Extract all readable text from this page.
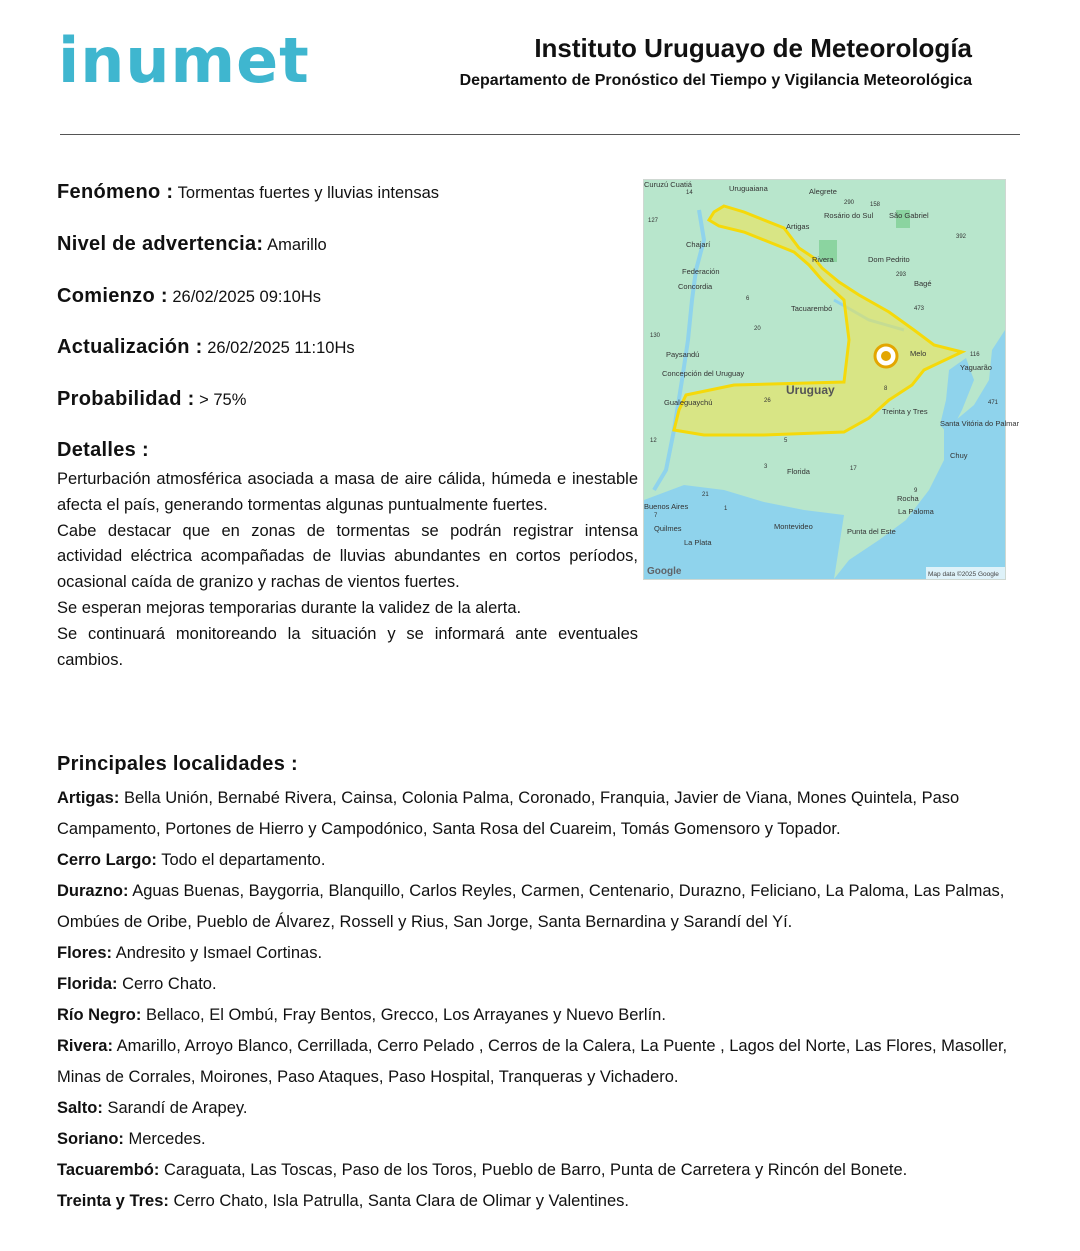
inumet	Instituto Uruguayo de Meteorología
Departamento de Pronóstico del Tiempo y Vigilancia Meteorológica
Fenómeno : Tormentas fuertes y lluvias intensas
Nivel de advertencia: Amarillo
Comienzo : 26/02/2025 09:10Hs
Actualización : 26/02/2025 11:10Hs
Probabilidad : > 75%
Detalles :

Perturbación atmosférica asociada a masa de aire cálida, húmeda e inestable afecta el país, generando tormentas algunas puntualmente fuertes.

Cabe destacar que en zonas de tormentas se podrán registrar intensa actividad eléctrica acompañadas de lluvias abundantes en cortos períodos, ocasional caída de granizo y rachas de vientos fuertes.

Se esperan mejoras temporarias durante la validez de la alerta.

Se continuará monitoreando la situación y se informará ante eventuales cambios.

Uruguay
Curuzú Cuatiá	Uruguaiana	Alegrete
Artigas
Rosário do Sul São Gabriel
Chajarí
Rivera	Dom Pedrito
Federación
Bagé
Concordia
Tacuarembó
Paysandú	Melo
Concepción del Uruguay
Yaguarão
Gualeguaychú
Treinta y Tres
Santa Vitória do Palmar
Chuy
Florida
Buenos Aires
Rocha
La Paloma
Quilmes	Montevideo
Punta del Este
La Plata
14
290
127
158
473
130
116
12
471
7
20
6
5
8
3
21
1
9
293
392
17
26
Google	Map data ©2025 Google
Principales localidades :

Artigas: Bella Unión, Bernabé Rivera, Cainsa, Colonia Palma, Coronado, Franquia, Javier de Viana, Mones Quintela, Paso Campamento, Portones de Hierro y Campodónico, Santa Rosa del Cuareim, Tomás Gomensoro y Topador.

Cerro Largo: Todo el departamento.

Durazno: Aguas Buenas, Baygorria, Blanquillo, Carlos Reyles, Carmen, Centenario, Durazno, Feliciano, La Paloma, Las Palmas, Ombúes de Oribe, Pueblo de Álvarez, Rossell y Rius, San Jorge, Santa Bernardina y Sarandí del Yí.

Flores: Andresito y Ismael Cortinas.

Florida: Cerro Chato.

Río Negro: Bellaco, El Ombú, Fray Bentos, Grecco, Los Arrayanes y Nuevo Berlín.

Rivera: Amarillo, Arroyo Blanco, Cerrillada, Cerro Pelado , Cerros de la Calera, La Puente , Lagos del Norte, Las Flores, Masoller, Minas de Corrales, Moirones, Paso Ataques, Paso Hospital, Tranqueras y Vichadero.

Salto: Sarandí de Arapey.

Soriano: Mercedes.

Tacuarembó: Caraguata, Las Toscas, Paso de los Toros, Pueblo de Barro, Punta de Carretera y Rincón del Bonete.

Treinta y Tres: Cerro Chato, Isla Patrulla, Santa Clara de Olimar y Valentines.
